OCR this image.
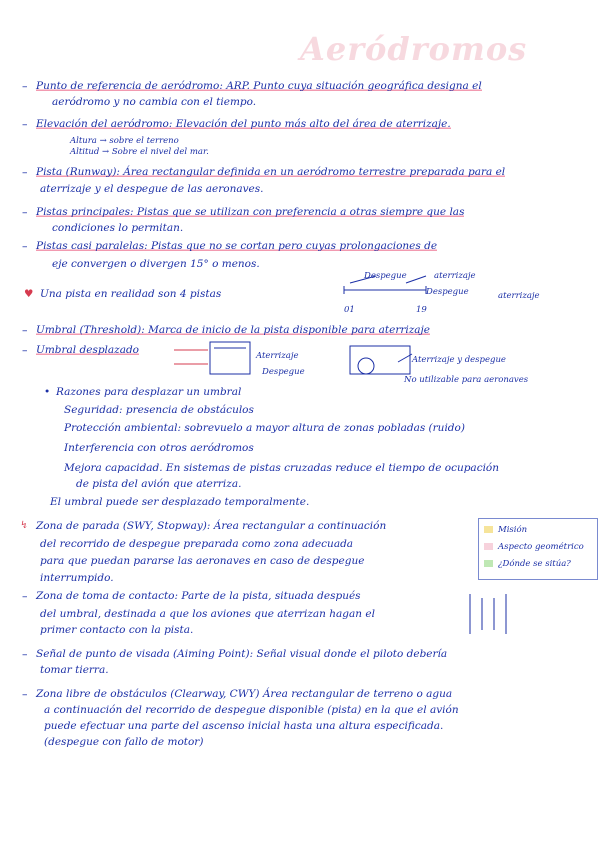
Aeródromos
– Punto de referencia de aeródromo: ARP. Punto cuya situación geográfica designa el
aeródromo y no cambia con el tiempo.
– Elevación del aeródromo: Elevación del punto más alto del área de aterrizaje.
Altura → sobre el terreno
Altitud → Sobre el nivel del mar.
– Pista (Runway): Área rectangular definida en un aeródromo terrestre preparada para el
aterrizaje y el despegue de las aeronaves.
– Pistas principales: Pistas que se utilizan con preferencia a otras siempre que las
condiciones lo permitan.
– Pistas casi paralelas: Pistas que no se cortan pero cuyas prolongaciones de
eje convergen o divergen 15° o menos.
♥ Una pista en realidad son 4 pistas
Despegue	aterrizaje
Despegue	aterrizaje
01	19
– Umbral (Threshold): Marca de inicio de la pista disponible para aterrizaje
– Umbral desplazado	Aterrizaje
Despegue
Aterrizaje y despegue
No utilizable para aeronaves
• Razones para desplazar un umbral
Seguridad: presencia de obstáculos
Protección ambiental: sobrevuelo a mayor altura de zonas pobladas (ruido)
Interferencia con otros aeródromos
Mejora capacidad. En sistemas de pistas cruzadas reduce el tiempo de ocupación
de pista del avión que aterriza.
El umbral puede ser desplazado temporalmente.
↯ Zona de parada (SWY, Stopway): Área rectangular a continuación
del recorrido de despegue preparada como zona adecuada
para que puedan pararse las aeronaves en caso de despegue
interrumpido.
Misión
Aspecto geométrico
¿Dónde se sitúa?
– Zona de toma de contacto: Parte de la pista, situada después
del umbral, destinada a que los aviones que aterrizan hagan el
primer contacto con la pista.
– Señal de punto de visada (Aiming Point): Señal visual donde el piloto debería
tomar tierra.
– Zona libre de obstáculos (Clearway, CWY) Área rectangular de terreno o agua
a continuación del recorrido de despegue disponible (pista) en la que el avión
puede efectuar una parte del ascenso inicial hasta una altura especificada.
(despegue con fallo de motor)
